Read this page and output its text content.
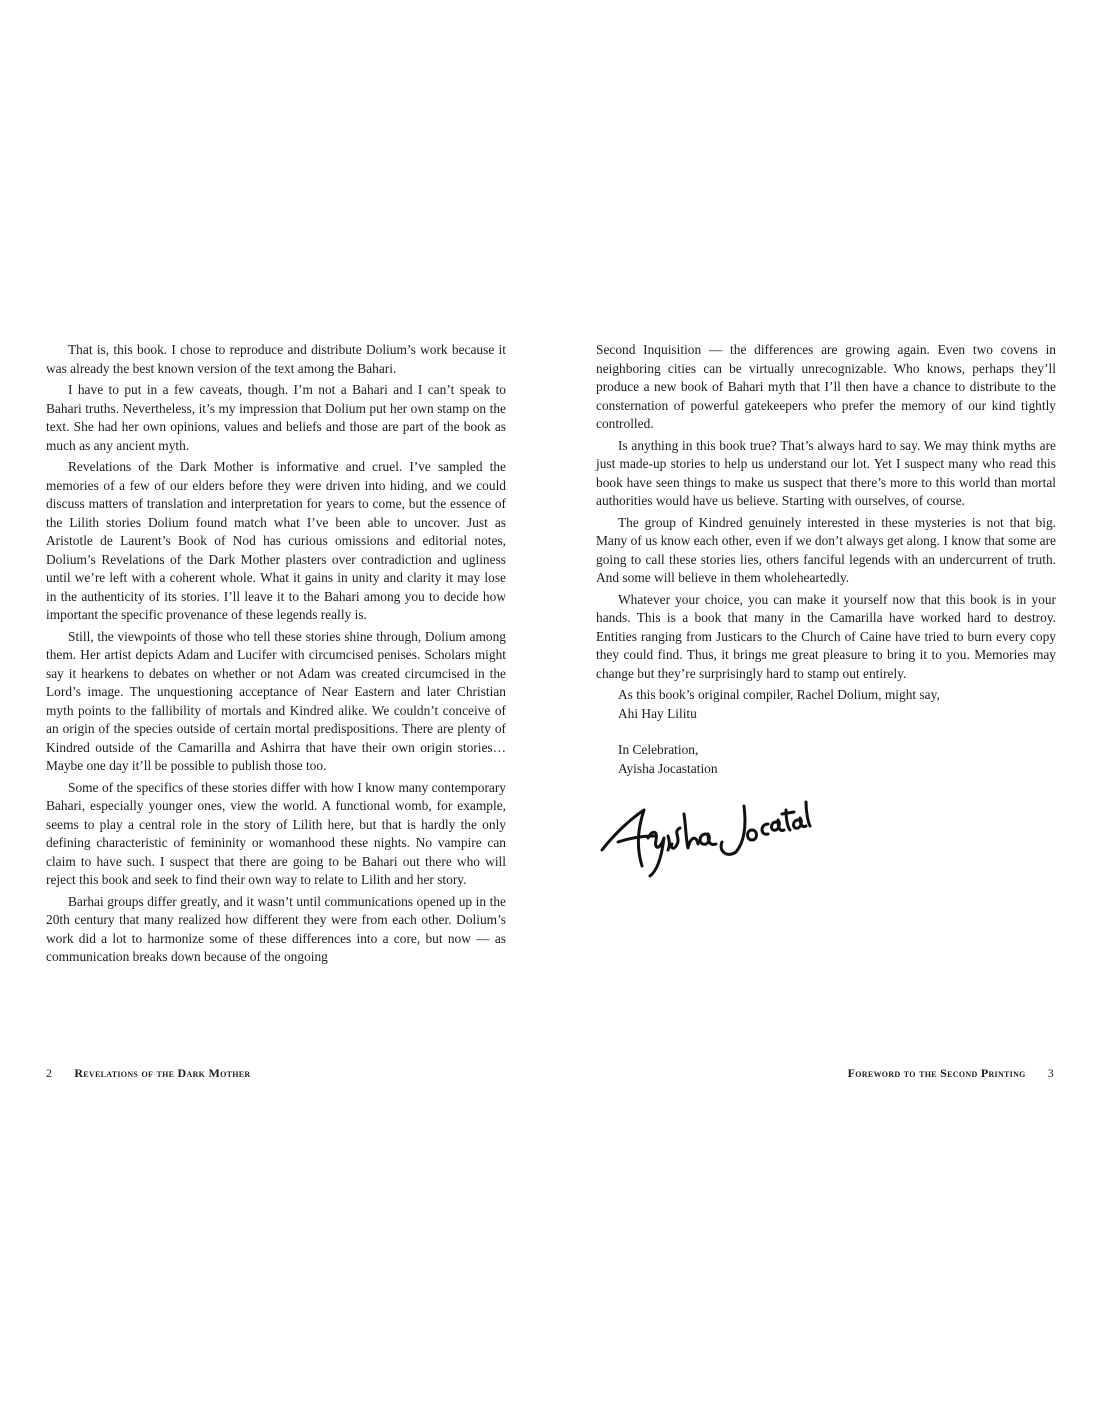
That is, this book. I chose to reproduce and distribute Dolium’s work because it was already the best known version of the text among the Bahari.

I have to put in a few caveats, though. I’m not a Bahari and I can’t speak to Bahari truths. Nevertheless, it’s my impression that Dolium put her own stamp on the text. She had her own opinions, values and beliefs and those are part of the book as much as any ancient myth.

Revelations of the Dark Mother is informative and cruel. I’ve sampled the memories of a few of our elders before they were driven into hiding, and we could discuss matters of translation and interpretation for years to come, but the essence of the Lilith stories Dolium found match what I’ve been able to uncover. Just as Aristotle de Laurent’s Book of Nod has curious omissions and editorial notes, Dolium’s Revelations of the Dark Mother plasters over contradiction and ugliness until we’re left with a coherent whole. What it gains in unity and clarity it may lose in the authenticity of its stories. I’ll leave it to the Bahari among you to decide how important the specific provenance of these legends really is.

Still, the viewpoints of those who tell these stories shine through, Dolium among them. Her artist depicts Adam and Lucifer with circumcised penises. Scholars might say it hearkens to debates on whether or not Adam was created circumcised in the Lord’s image. The unquestioning acceptance of Near Eastern and later Christian myth points to the fallibility of mortals and Kindred alike. We couldn’t conceive of an origin of the species outside of certain mortal predispositions. There are plenty of Kindred outside of the Camarilla and Ashirra that have their own origin stories… Maybe one day it’ll be possible to publish those too.

Some of the specifics of these stories differ with how I know many contemporary Bahari, especially younger ones, view the world. A functional womb, for example, seems to play a central role in the story of Lilith here, but that is hardly the only defining characteristic of femininity or womanhood these nights. No vampire can claim to have such. I suspect that there are going to be Bahari out there who will reject this book and seek to find their own way to relate to Lilith and her story.

Barhai groups differ greatly, and it wasn’t until communications opened up in the 20th century that many realized how different they were from each other. Dolium’s work did a lot to harmonize some of these differences into a core, but now — as communication breaks down because of the ongoing

Second Inquisition — the differences are growing again. Even two covens in neighboring cities can be virtually unrecognizable. Who knows, perhaps they’ll produce a new book of Bahari myth that I’ll then have a chance to distribute to the consternation of powerful gatekeepers who prefer the memory of our kind tightly controlled.

Is anything in this book true? That’s always hard to say. We may think myths are just made-up stories to help us understand our lot. Yet I suspect many who read this book have seen things to make us suspect that there’s more to this world than mortal authorities would have us believe. Starting with ourselves, of course.

The group of Kindred genuinely interested in these mysteries is not that big. Many of us know each other, even if we don’t always get along. I know that some are going to call these stories lies, others fanciful legends with an undercurrent of truth. And some will believe in them wholeheartedly.

Whatever your choice, you can make it yourself now that this book is in your hands. This is a book that many in the Camarilla have worked hard to destroy. Entities ranging from Justicars to the Church of Caine have tried to burn every copy they could find. Thus, it brings me great pleasure to bring it to you. Memories may change but they’re surprisingly hard to stamp out entirely.

As this book’s original compiler, Rachel Dolium, might say,

Ahi Hay Lilitu

In Celebration,

Ayisha Jocastation

2 Revelations of the Dark Mother	Foreword to the Second Printing 3
